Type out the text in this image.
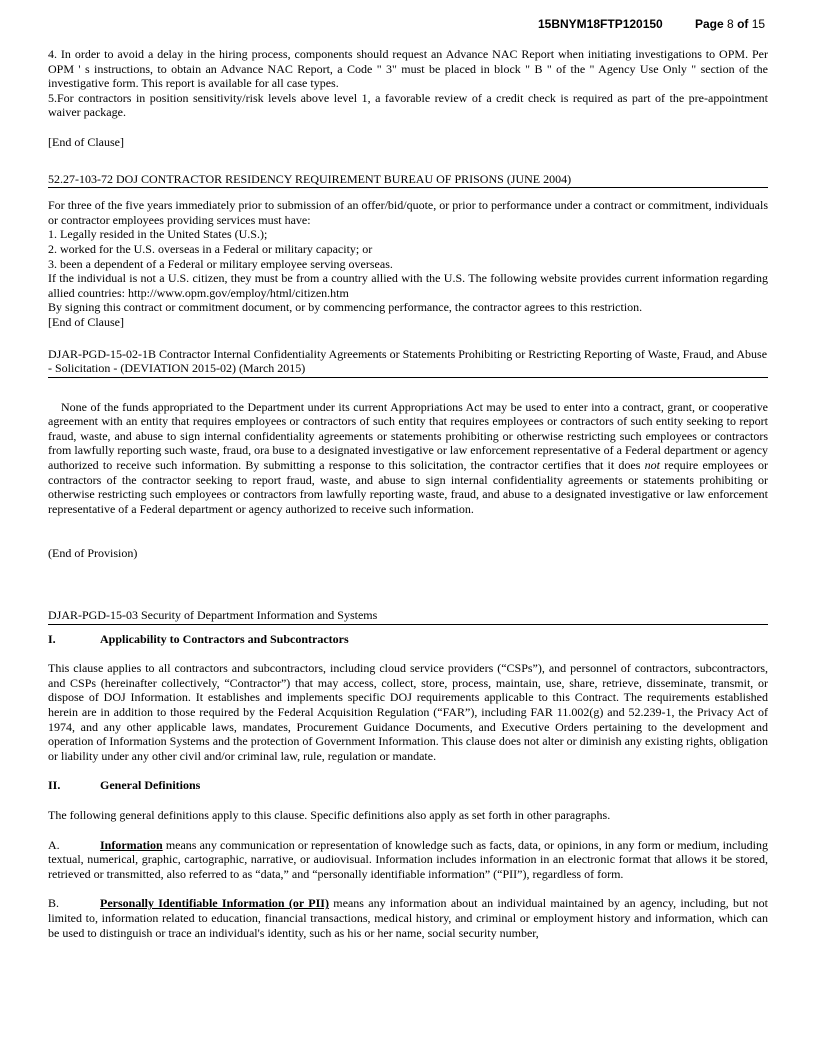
15BNYM18FTP120150	Page 8 of 15

4. In order to avoid a delay in the hiring process, components should request an Advance NAC Report when initiating investigations to OPM. Per OPM ' s instructions, to obtain an Advance NAC Report, a Code " 3" must be placed in block " B " of the " Agency Use Only " section of the investigative form. This report is available for all case types.

5.For contractors in position sensitivity/risk levels above level 1, a favorable review of a credit check is required as part of the pre-appointment waiver package.

[End of Clause]

52.27-103-72 DOJ CONTRACTOR RESIDENCY REQUIREMENT BUREAU OF PRISONS (JUNE 2004)

For three of the five years immediately prior to submission of an offer/bid/quote, or prior to performance under a contract or commitment, individuals or contractor employees providing services must have:

1. Legally resided in the United States (U.S.);

2. worked for the U.S. overseas in a Federal or military capacity; or

3. been a dependent of a Federal or military employee serving overseas.

If the individual is not a U.S. citizen, they must be from a country allied with the U.S. The following website provides current information regarding allied countries: http://www.opm.gov/employ/html/citizen.htm

By signing this contract or commitment document, or by commencing performance, the contractor agrees to this restriction.

[End of Clause]

DJAR-PGD-15-02-1B Contractor Internal Confidentiality Agreements or Statements Prohibiting or Restricting Reporting of Waste, Fraud, and Abuse - Solicitation - (DEVIATION 2015-02) (March 2015)

None of the funds appropriated to the Department under its current Appropriations Act may be used to enter into a contract, grant, or cooperative agreement with an entity that requires employees or contractors of such entity that requires employees or contractors of such entity seeking to report fraud, waste, and abuse to sign internal confidentiality agreements or statements prohibiting or otherwise restricting such employees or contractors from lawfully reporting such waste, fraud, ora buse to a designated investigative or law enforcement representative of a Federal department or agency authorized to receive such information. By submitting a response to this solicitation, the contractor certifies that it does not require employees or contractors of the contractor seeking to report fraud, waste, and abuse to sign internal confidentiality agreements or statements prohibiting or otherwise restricting such employees or contractors from lawfully reporting waste, fraud, and abuse to a designated investigative or law enforcement representative of a Federal department or agency authorized to receive such information.

(End of Provision)

DJAR-PGD-15-03 Security of Department Information and Systems

I.	Applicability to Contractors and Subcontractors

This clause applies to all contractors and subcontractors, including cloud service providers (“CSPs”), and personnel of contractors, subcontractors, and CSPs (hereinafter collectively, “Contractor”) that may access, collect, store, process, maintain, use, share, retrieve, disseminate, transmit, or dispose of DOJ Information. It establishes and implements specific DOJ requirements applicable to this Contract. The requirements established herein are in addition to those required by the Federal Acquisition Regulation (“FAR”), including FAR 11.002(g) and 52.239-1, the Privacy Act of 1974, and any other applicable laws, mandates, Procurement Guidance Documents, and Executive Orders pertaining to the development and operation of Information Systems and the protection of Government Information. This clause does not alter or diminish any existing rights, obligation or liability under any other civil and/or criminal law, rule, regulation or mandate.

II.	General Definitions

The following general definitions apply to this clause. Specific definitions also apply as set forth in other paragraphs.

A.	Information means any communication or representation of knowledge such as facts, data, or opinions, in any form or medium, including textual, numerical, graphic, cartographic, narrative, or audiovisual. Information includes information in an electronic format that allows it be stored, retrieved or transmitted, also referred to as “data,” and “personally identifiable information” (“PII”), regardless of form.

B.	Personally Identifiable Information (or PII) means any information about an individual maintained by an agency, including, but not limited to, information related to education, financial transactions, medical history, and criminal or employment history and information, which can be used to distinguish or trace an individual's identity, such as his or her name, social security number,
